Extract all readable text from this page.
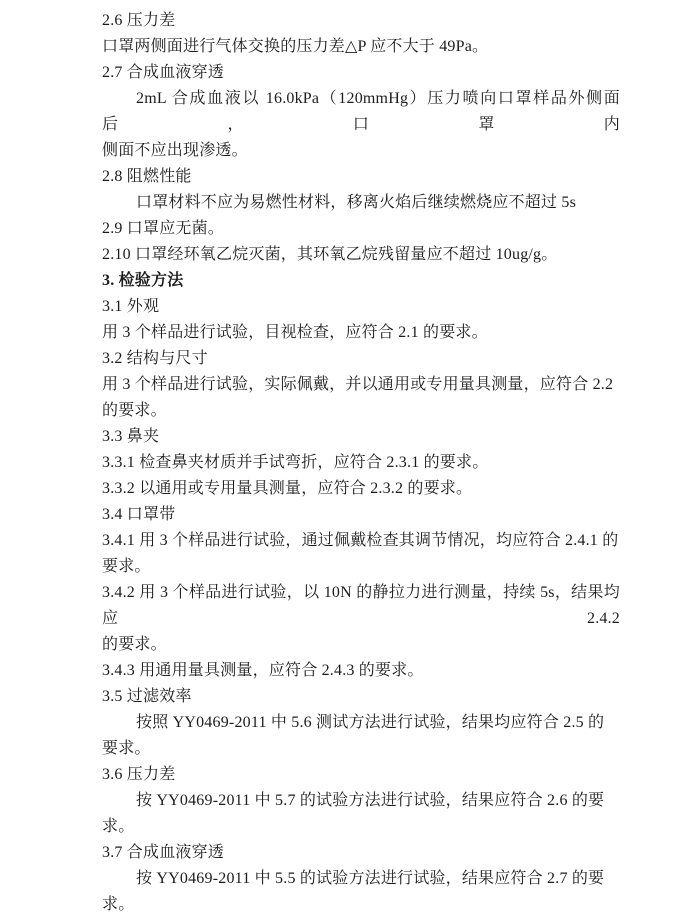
2.6 压力差

口罩两侧面进行气体交换的压力差△P 应不大于 49Pa。

2.7 合成血液穿透

2mL 合成血液以 16.0kPa（120mmHg）压力喷向口罩样品外侧面后，口罩内

侧面不应出现渗透。

2.8 阻燃性能

口罩材料不应为易燃性材料，移离火焰后继续燃烧应不超过 5s

2.9 口罩应无菌。

2.10 口罩经环氧乙烷灭菌，其环氧乙烷残留量应不超过 10ug/g。

3. 检验方法

3.1 外观

用 3 个样品进行试验，目视检查，应符合 2.1 的要求。

3.2 结构与尺寸

用 3 个样品进行试验，实际佩戴，并以通用或专用量具测量，应符合 2.2 的要求。

3.3 鼻夹

3.3.1 检查鼻夹材质并手试弯折，应符合 2.3.1 的要求。

3.3.2 以通用或专用量具测量，应符合 2.3.2 的要求。

3.4 口罩带

3.4.1 用 3 个样品进行试验，通过佩戴检查其调节情况，均应符合 2.4.1 的要求。

3.4.2 用 3 个样品进行试验，以 10N 的静拉力进行测量，持续 5s，结果均应 2.4.2

的要求。

3.4.3 用通用量具测量，应符合 2.4.3 的要求。

3.5 过滤效率

按照 YY0469-2011 中 5.6 测试方法进行试验，结果均应符合 2.5 的要求。

3.6 压力差

按 YY0469-2011 中 5.7 的试验方法进行试验，结果应符合 2.6 的要求。

3.7 合成血液穿透

按 YY0469-2011 中 5.5 的试验方法进行试验，结果应符合 2.7 的要求。
